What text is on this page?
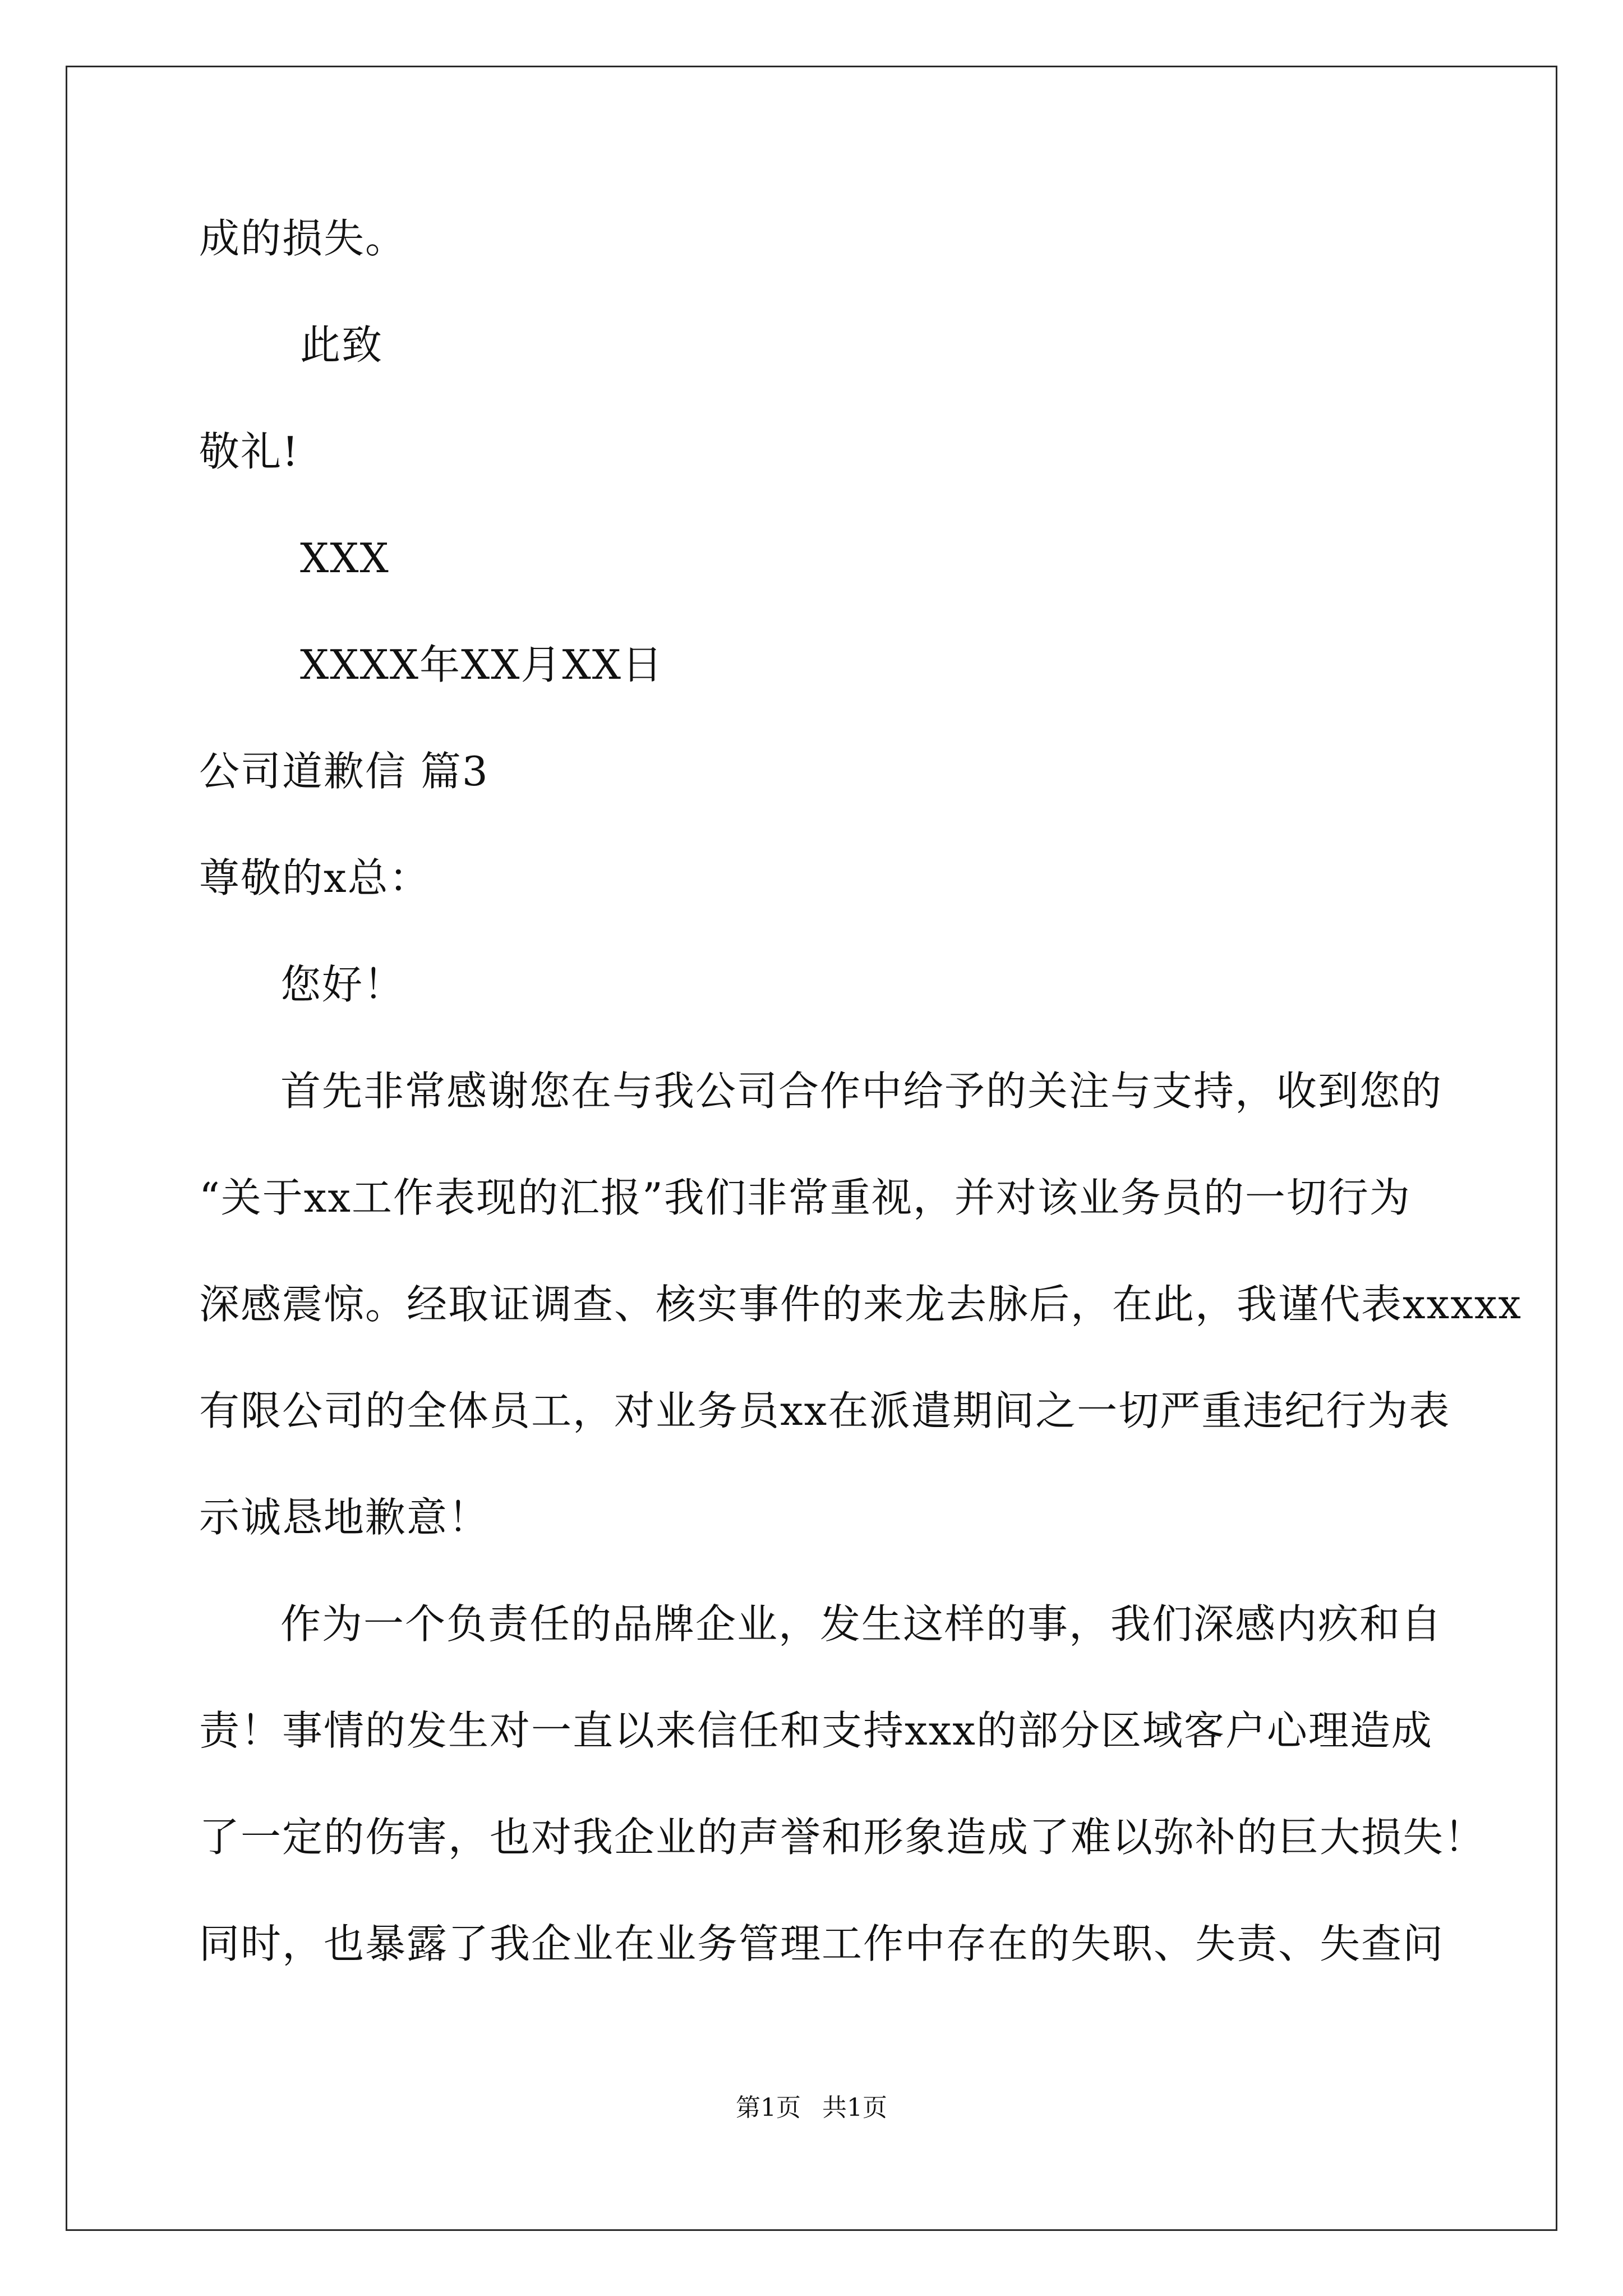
成的损失。
此致
敬礼!
XXX
XXXX年XX月XX日
公司道歉信 篇3
尊敬的x总：
您好！
首先非常感谢您在与我公司合作中给予的关注与支持，收到您的
“关于xx工作表现的汇报”我们非常重视，并对该业务员的一切行为
深感震惊。经取证调查、核实事件的来龙去脉后，在此，我谨代表xxxxx
有限公司的全体员工，对业务员xx在派遣期间之一切严重违纪行为表
示诚恳地歉意！
作为一个负责任的品牌企业，发生这样的事，我们深感内疚和自
责！事情的发生对一直以来信任和支持xxx的部分区域客户心理造成
了一定的伤害，也对我企业的声誉和形象造成了难以弥补的巨大损失！
同时，也暴露了我企业在业务管理工作中存在的失职、失责、失查问
第1页 共1页
